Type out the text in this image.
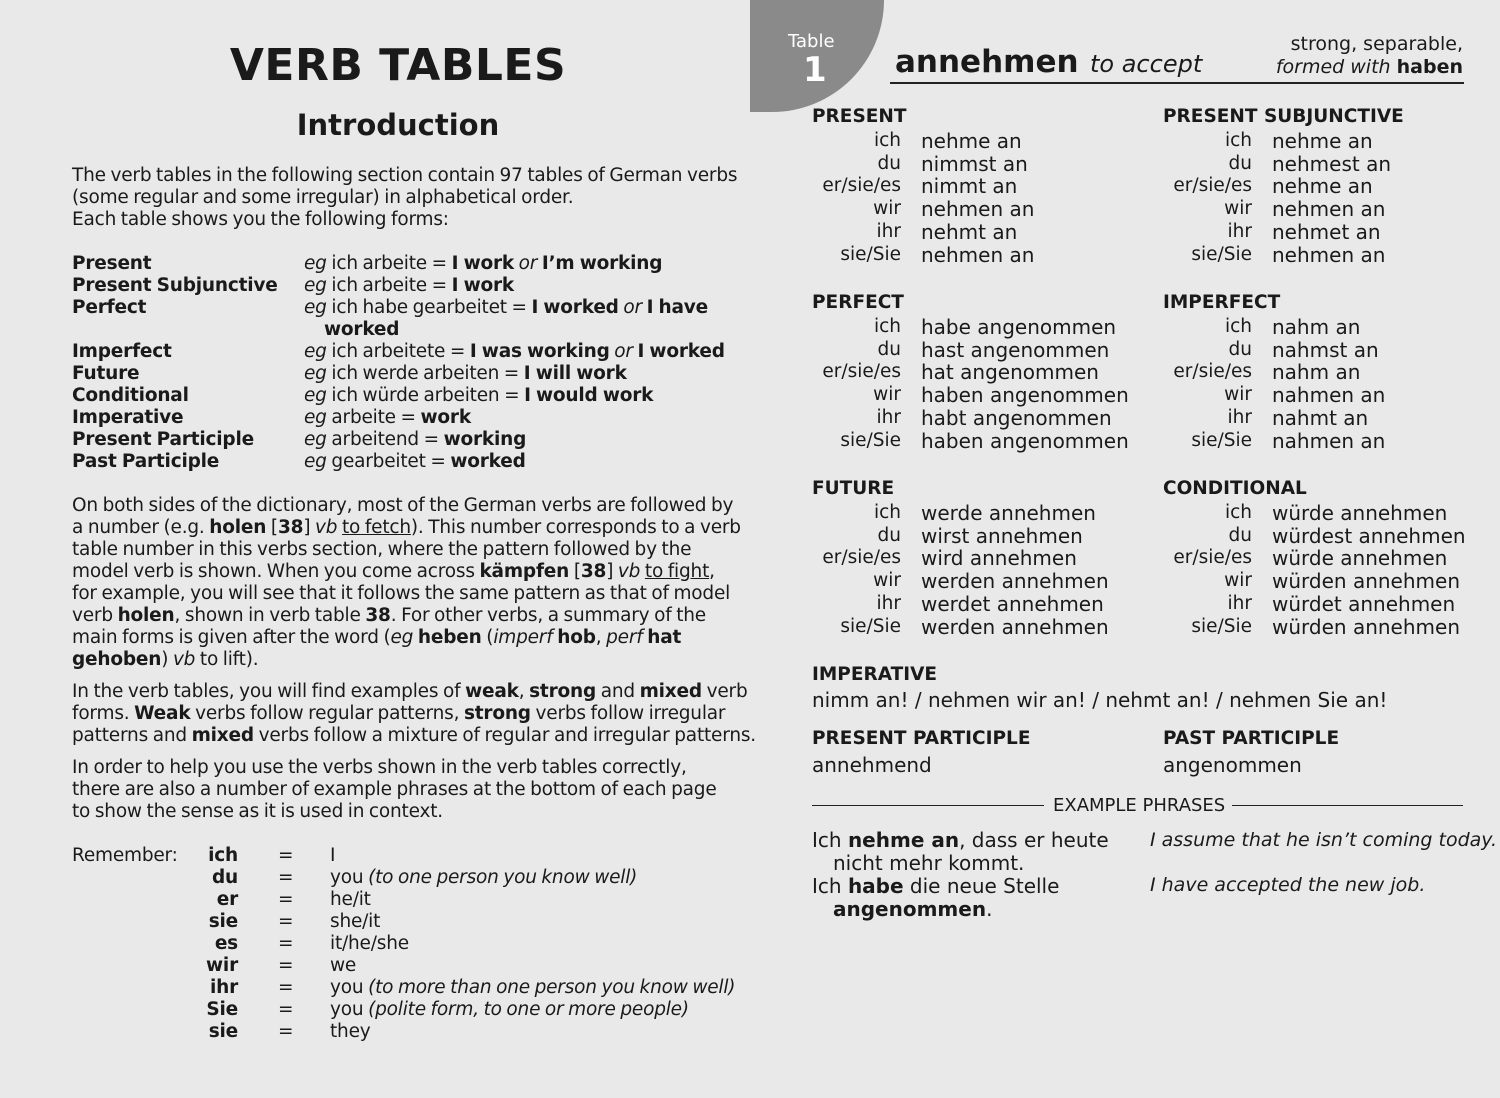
VERB TABLES
Introduction
The verb tables in the following section contain 97 tables of German verbs
(some regular and some irregular) in alphabetical order.
Each table shows you the following forms:
Present	eg ich arbeite = I work or I’m working
Present Subjunctive eg ich arbeite = I work
Perfect	eg ich habe gearbeitet = I worked or I have
worked
Imperfect	eg ich arbeitete = I was working or I worked
Future	eg ich werde arbeiten = I will work
Conditional	eg ich würde arbeiten = I would work
Imperative	eg arbeite = work
Present Participle	eg arbeitend = working
Past Participle	eg gearbeitet = worked
On both sides of the dictionary, most of the German verbs are followed by
a number (e.g. holen [38] vb to fetch). This number corresponds to a verb
table number in this verbs section, where the pattern followed by the
model verb is shown. When you come across kämpfen [38] vb to fight,
for example, you will see that it follows the same pattern as that of model
verb holen, shown in verb table 38. For other verbs, a summary of the
main forms is given after the word (eg heben (imperf hob, perf hat
gehoben) vb to lift).
In the verb tables, you will find examples of weak, strong and mixed verb
forms. Weak verbs follow regular patterns, strong verbs follow irregular
patterns and mixed verbs follow a mixture of regular and irregular patterns.
In order to help you use the verbs shown in the verb tables correctly,
there are also a number of example phrases at the bottom of each page
to show the sense as it is used in context.
Remember:	ich = I
du = you (to one person you know well)
er = he/it
sie = she/it
es = it/he/she
wir = we
ihr = you (to more than one person you know well)
Sie = you (polite form, to one or more people)
sie = they
Table
1 annehmen to accept
strong, separable,
formed with haben
PRESENT
ich nehme an
du nimmst an
er/sie/es nimmt an
wir nehmen an
ihr nehmt an
sie/Sie nehmen an
PRESENT SUBJUNCTIVE
ich nehme an
du nehmest an
er/sie/es nehme an
wir nehmen an
ihr nehmet an
sie/Sie nehmen an
PERFECT
ich habe angenommen
du hast angenommen
er/sie/es hat angenommen
wir haben angenommen
ihr habt angenommen
sie/Sie haben angenommen
IMPERFECT
ich nahm an
du nahmst an
er/sie/es nahm an
wir nahmen an
ihr nahmt an
sie/Sie nahmen an
FUTURE
ich werde annehmen
du wirst annehmen
er/sie/es wird annehmen
wir werden annehmen
ihr werdet annehmen
sie/Sie werden annehmen
CONDITIONAL
ich würde annehmen
du würdest annehmen
er/sie/es würde annehmen
wir würden annehmen
ihr würdet annehmen
sie/Sie würden annehmen
IMPERATIVE
nimm an! / nehmen wir an! / nehmt an! / nehmen Sie an!
PRESENT PARTICIPLE
annehmend
PAST PARTICIPLE
angenommen
EXAMPLE PHRASES
Ich nehme an, dass er heute
nicht mehr kommt.
I assume that he isn’t coming today.
Ich habe die neue Stelle
angenommen.
I have accepted the new job.
